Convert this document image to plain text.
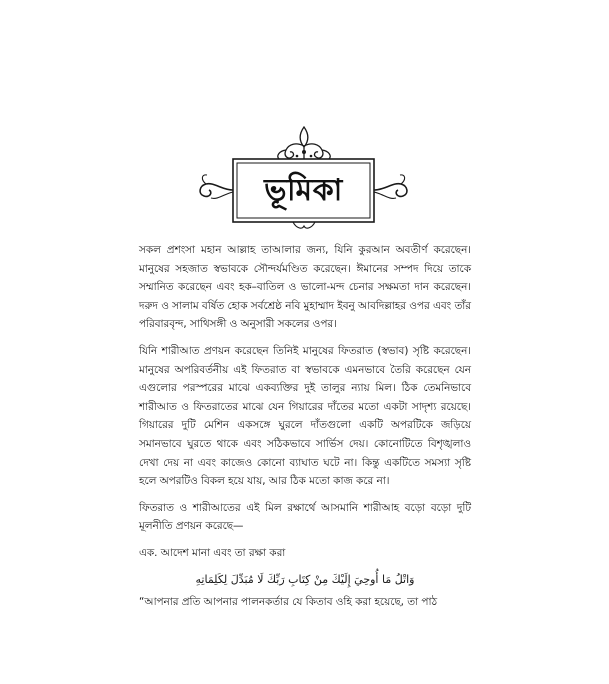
ভূমিকা

সকল প্রশংসা মহান আল্লাহ তাআলার জন্য, যিনি কুরআন অবতীর্ণ করেছেন। মানুষের সহজাত স্বভাবকে সৌন্দর্যমণ্ডিত করেছেন। ঈমানের সম্পদ দিয়ে তাকে সম্মানিত করেছেন এবং হক–বাতিল ও ভালো-মন্দ চেনার সক্ষমতা দান করেছেন। দরুদ ও সালাম বর্ষিত হোক সর্বশ্রেষ্ঠ নবি মুহাম্মাদ ইবনু আবদিল্লাহর ওপর এবং তাঁর পরিবারবৃন্দ, সাথিসঙ্গী ও অনুসারী সকলের ওপর।

যিনি শারীআত প্রণয়ন করেছেন তিনিই মানুষের ফিতরাত (স্বভাব) সৃষ্টি করেছেন। মানুষের অপরিবর্তনীয় এই ফিতরাত বা স্বভাবকে এমনভাবে তৈরি করেছেন যেন এগুলোর পরস্পরের মাঝে একব্যক্তির দুই তালুর ন্যায় মিল। ঠিক তেমনিভাবে শারীআত ও ফিতরাতের মাঝে যেন গিয়ারের দাঁতের মতো একটা সাদৃশ্য রয়েছে। গিয়ারের দুটি মেশিন একসঙ্গে ঘুরলে দাঁতগুলো একটি অপরটিকে জড়িয়ে সমানভাবে ঘুরতে থাকে এবং সঠিকভাবে সার্ভিস দেয়। কোনোটিতে বিশৃঙ্খলাও দেখা দেয় না এবং কাজেও কোনো ব্যাঘাত ঘটে না। কিন্তু একটিতে সমস্যা সৃষ্টি হলে অপরটিও বিকল হয়ে যায়, আর ঠিক মতো কাজ করে না।

ফিতরাত ও শারীআতের এই মিল রক্ষার্থে আসমানি শারীআহ বড়ো বড়ো দুটি মূলনীতি প্রণয়ন করেছে—

এক. আদেশ মানা এবং তা রক্ষা করা

وَاتْلُ مَا أُوحِيَ إِلَيْكَ مِنْ كِتَابِ رَبِّكَ لَا مُبَدِّلَ لِكَلِمَاتِهِ

“আপনার প্রতি আপনার পালনকর্তার যে কিতাব ওহি করা হয়েছে, তা পাঠ
